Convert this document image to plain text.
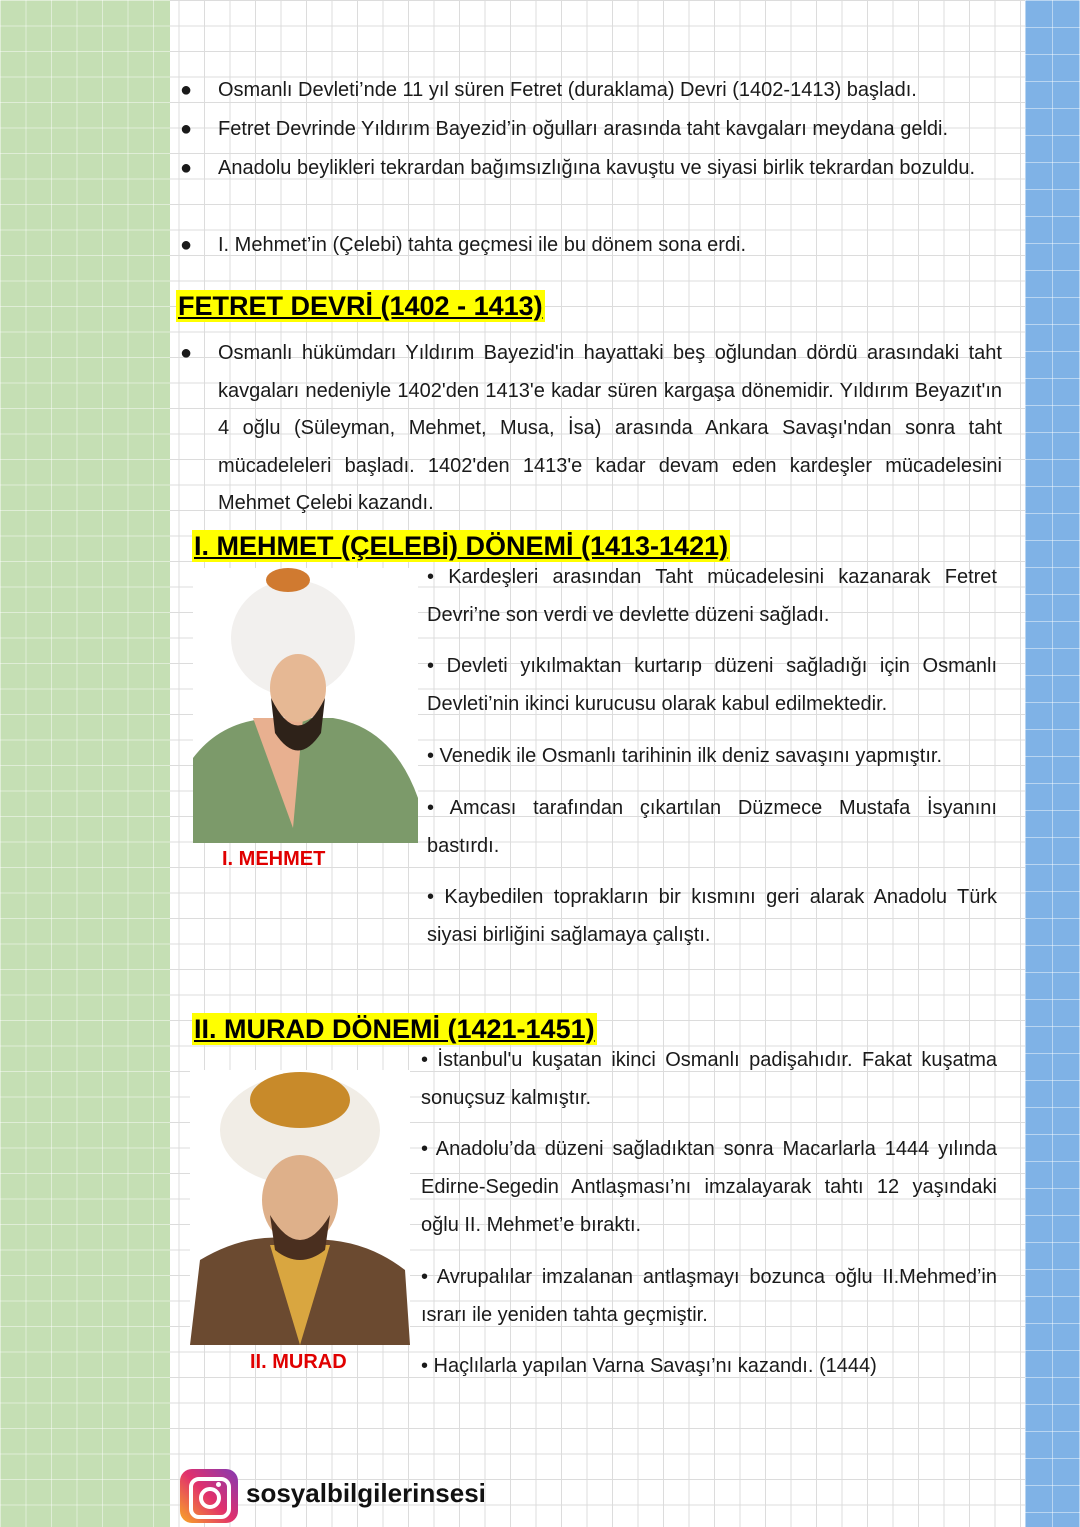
● Osmanlı Devleti’nde 11 yıl süren Fetret (duraklama) Devri (1402-1413) başladı.
● Fetret Devrinde Yıldırım Bayezid’in oğulları arasında taht kavgaları meydana geldi.
● Anadolu beylikleri tekrardan bağımsızlığına kavuştu ve siyasi birlik tekrardan bozuldu.
● I. Mehmet’in (Çelebi) tahta geçmesi ile bu dönem sona erdi.
FETRET DEVRİ (1402 - 1413)
● Osmanlı hükümdarı Yıldırım Bayezid'in hayattaki beş oğlundan dördü arasındaki taht kavgaları nedeniyle 1402'den 1413'e kadar süren kargaşa dönemidir. Yıldırım Beyazıt'ın 4 oğlu (Süleyman, Mehmet, Musa, İsa) arasında Ankara Savaşı'ndan sonra taht mücadeleleri başladı. 1402'den 1413'e kadar devam eden kardeşler mücadelesini Mehmet Çelebi kazandı.
I. MEHMET (ÇELEBİ) DÖNEMİ (1413-1421)
I. MEHMET
• Kardeşleri arasından Taht mücadelesini kazanarak Fetret Devri’ne son verdi ve devlette düzeni sağladı.
• Devleti yıkılmaktan kurtarıp düzeni sağladığı için Osmanlı Devleti’nin ikinci kurucusu olarak kabul edilmektedir.
• Venedik ile Osmanlı tarihinin ilk deniz savaşını yapmıştır.
• Amcası tarafından çıkartılan Düzmece Mustafa İsyanını bastırdı.
• Kaybedilen toprakların bir kısmını geri alarak Anadolu Türk siyasi birliğini sağlamaya çalıştı.
II. MURAD DÖNEMİ (1421-1451)
II. MURAD
• İstanbul'u kuşatan ikinci Osmanlı padişahıdır. Fakat kuşatma sonuçsuz kalmıştır.
• Anadolu’da düzeni sağladıktan sonra Macarlarla 1444 yılında Edirne-Segedin Antlaşması’nı imzalayarak tahtı 12 yaşındaki oğlu II. Mehmet’e bıraktı.
• Avrupalılar imzalanan antlaşmayı bozunca oğlu II.Mehmed’in ısrarı ile yeniden tahta geçmiştir.
• Haçlılarla yapılan Varna Savaşı’nı kazandı. (1444)
sosyalbilgilerinsesi
